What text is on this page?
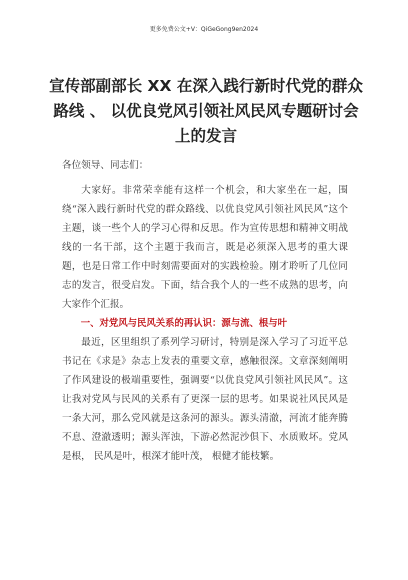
更多免费公文+V：QiGeGong9en2024
宣传部副部长 XX 在深入践行新时代党的群众路线 、 以优良党风引领社风民风专题研讨会上的发言

各位领导、同志们：

大家好。非常荣幸能有这样一个机会，和大家坐在一起，围绕“深入践行新时代党的群众路线、以优良党风引领社风民风”这个主题，谈一些个人的学习心得和反思。作为宣传思想和精神文明战线的一名干部，这个主题于我而言，既是必须深入思考的重大课题，也是日常工作中时刻需要面对的实践检验。刚才聆听了几位同志的发言，很受启发。下面，结合我个人的一些不成熟的思考，向大家作个汇报。

一、对党风与民风关系的再认识：源与流、根与叶

最近，区里组织了系列学习研讨，特别是深入学习了习近平总书记在《求是》杂志上发表的重要文章，感触很深。文章深刻阐明了作风建设的极端重要性，强调要“以优良党风引领社风民风”。这让我对党风与民风的关系有了更深一层的思考。如果说社风民风是一条大河，那么党风就是这条河的源头。源头清澈，河流才能奔腾不息、澄澈透明；源头浑浊，下游必然泥沙俱下、水质败坏。党风是根， 民风是叶，根深才能叶茂， 根健才能枝繁。
